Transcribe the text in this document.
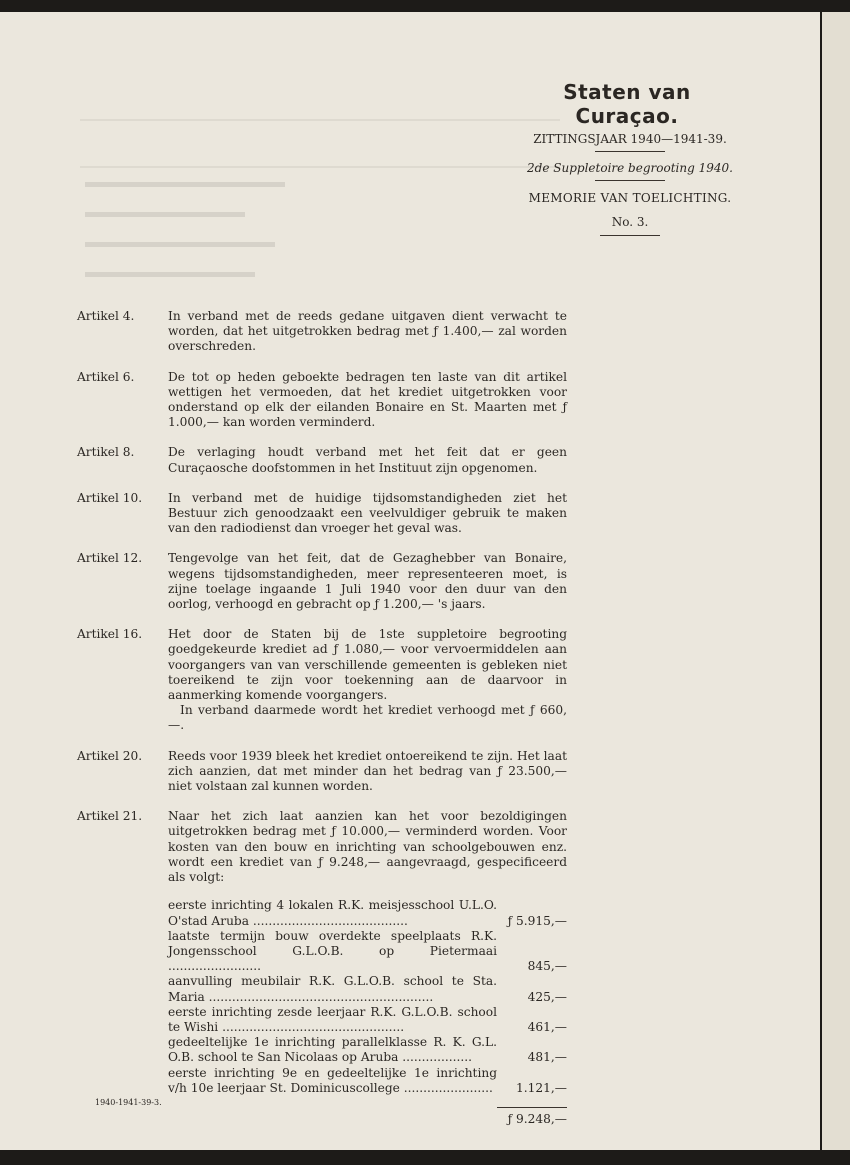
Staten van Curaçao.
ZITTINGSJAAR 1940—1941-39.
2de Suppletoire begrooting 1940.
MEMORIE VAN TOELICHTING.
No. 3.
Artikel 4.	In verband met de reeds gedane uitgaven dient verwacht te worden, dat het uitgetrokken bedrag met ƒ 1.400,— zal worden overschreden.

Artikel 6.	De tot op heden geboekte bedragen ten laste van dit artikel wettigen het vermoeden, dat het krediet uitgetrokken voor onderstand op elk der eilanden Bonaire en St. Maarten met ƒ 1.000,— kan worden verminderd.

Artikel 8.	De verlaging houdt verband met het feit dat er geen Curaçaosche doofstommen in het Instituut zijn opgenomen.

Artikel 10.	In verband met de huidige tijdsomstandigheden ziet het Bestuur zich genoodzaakt een veelvuldiger gebruik te maken van den radiodienst dan vroeger het geval was.

Artikel 12.	Tengevolge van het feit, dat de Gezaghebber van Bonaire, wegens tijdsomstandigheden, meer representeeren moet, is zijne toelage ingaande 1 Juli 1940 voor den duur van den oorlog, verhoogd en gebracht op ƒ 1.200,— 's jaars.

Artikel 16.	Het door de Staten bij de 1ste suppletoire begrooting goedgekeurde krediet ad ƒ 1.080,— voor vervoermiddelen aan voorgangers van van verschillende gemeenten is gebleken niet toereikend te zijn voor toekenning aan de daarvoor in aanmerking komende voorgangers.

In verband daarmede wordt het krediet verhoogd met ƒ 660,—.

Artikel 20.	Reeds voor 1939 bleek het krediet ontoereikend te zijn. Het laat zich aanzien, dat met minder dan het bedrag van ƒ 23.500,— niet volstaan zal kunnen worden.

Artikel 21.	Naar het zich laat aanzien kan het voor bezoldigingen uitgetrokken bedrag met ƒ 10.000,— verminderd worden. Voor kosten van den bouw en inrichting van schoolgebouwen enz. wordt een krediet van ƒ 9.248,— aangevraagd, gespecificeerd als volgt:

eerste inrichting 4 lokalen R.K. meisjesschool U.L.O. O'stad Aruba ........................................	ƒ 5.915,—
laatste termijn bouw overdekte speelplaats R.K. Jongensschool G.L.O.B. op Pietermaai ........................	845,—
aanvulling meubilair R.K. G.L.O.B. school te Sta. Maria ..........................................................	425,—
eerste inrichting zesde leerjaar R.K. G.L.O.B. school te Wishi ...............................................	461,—
gedeeltelijke 1e inrichting parallelklasse R. K. G.L. O.B. school te San Nicolaas op Aruba ..................	481,—
eerste inrichting 9e en gedeeltelijke 1e inrichting v/h 10e leerjaar St. Dominicuscollege .......................	1.121,—
ƒ 9.248,—
1940-1941-39-3.
